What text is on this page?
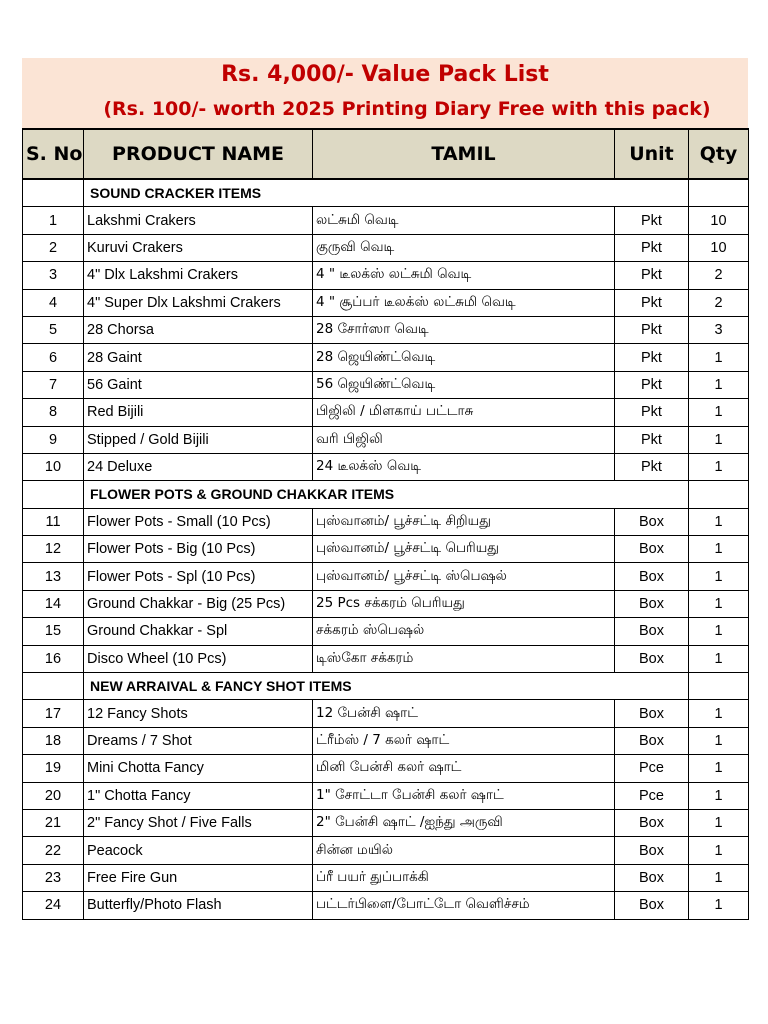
Rs. 4,000/- Value Pack List
(Rs. 100/- worth 2025 Printing Diary Free with this pack)
S. No	PRODUCT NAME	TAMIL	Unit	Qty
	SOUND CRACKER ITEMS			
1	Lakshmi Crakers	லட்சுமி வெடி	Pkt	10
2	Kuruvi Crakers	குருவி வெடி	Pkt	10
3	4" Dlx Lakshmi Crakers	4 " டீலக்ஸ் லட்சுமி வெடி	Pkt	2
4	4" Super Dlx Lakshmi Crakers	4 " சூப்பர் டீலக்ஸ் லட்சுமி வெடி	Pkt	2
5	28 Chorsa	28 சோர்ஸா வெடி	Pkt	3
6	28 Gaint	28 ஜெயிண்ட்வெடி	Pkt	1
7	56 Gaint	56 ஜெயிண்ட்வெடி	Pkt	1
8	Red Bijili	பிஜிலி / மிளகாய் பட்டாசு	Pkt	1
9	Stipped / Gold Bijili	வரி பிஜிலி	Pkt	1
10	24 Deluxe	24 டீலக்ஸ் வெடி	Pkt	1
	FLOWER POTS & GROUND CHAKKAR ITEMS			
11	Flower Pots - Small (10 Pcs)	புஸ்வானம்/ பூச்சட்டி சிறியது	Box	1
12	Flower Pots - Big (10 Pcs)	புஸ்வானம்/ பூச்சட்டி பெரியது	Box	1
13	Flower Pots - Spl (10 Pcs)	புஸ்வானம்/ பூச்சட்டி ஸ்பெஷல்	Box	1
14	Ground Chakkar - Big (25 Pcs)	25 Pcs சக்கரம் பெரியது	Box	1
15	Ground Chakkar - Spl	சக்கரம் ஸ்பெஷல்	Box	1
16	Disco Wheel (10 Pcs)	டிஸ்கோ சக்கரம்	Box	1
	NEW ARRAIVAL & FANCY SHOT ITEMS			
17	12 Fancy Shots	12 பேன்சி ஷாட்	Box	1
18	Dreams / 7 Shot	ட்ரீம்ஸ் / 7 கலர் ஷாட்	Box	1
19	Mini Chotta Fancy	மினி பேன்சி கலர் ஷாட்	Pce	1
20	1" Chotta Fancy	1" சோட்டா பேன்சி கலர் ஷாட்	Pce	1
21	2" Fancy Shot / Five Falls	2" பேன்சி ஷாட் /ஐந்து அருவி	Box	1
22	Peacock	சின்ன மயில்	Box	1
23	Free Fire Gun	ப்ரீ பயர் துப்பாக்கி	Box	1
24	Butterfly/Photo Flash	பட்டர்பிளை/போட்டோ வெளிச்சம்	Box	1
